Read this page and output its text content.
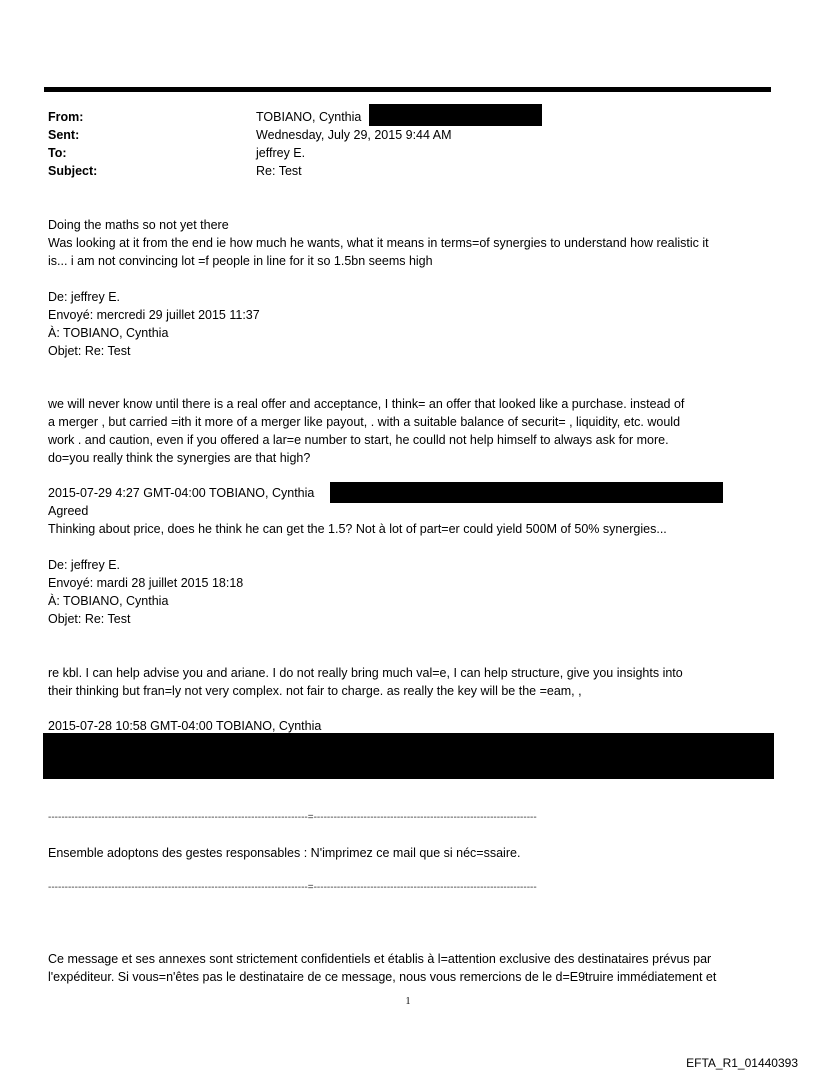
From:	TOBIANO, Cynthia
Sent:	Wednesday, July 29, 2015 9:44 AM
To:	jeffrey E.
Subject:	Re: Test

Doing the maths so not yet there

Was looking at it from the end ie how much he wants, what it means in terms=of synergies to understand how realistic it

is... i am not convincing lot =f people in line for it so 1.5bn seems high

De: jeffrey E.

Envoyé: mercredi 29 juillet 2015 11:37

À: TOBIANO, Cynthia

Objet: Re: Test

we will never know until there is a real offer and acceptance, I think= an offer that looked like a purchase. instead of

a merger , but carried =ith it more of a merger like payout, . with a suitable balance of securit= , liquidity, etc. would

work . and caution, even if you offered a lar=e number to start, he coulld not help himself to always ask for more.

do=you really think the synergies are that high?

2015-07-29 4:27 GMT-04:00 TOBIANO, Cynthia

Agreed

Thinking about price, does he think he can get the 1.5? Not à lot of part=er could yield 500M of 50% synergies...

De: jeffrey E.

Envoyé: mardi 28 juillet 2015 18:18

À: TOBIANO, Cynthia

Objet: Re: Test

re kbl. I can help advise you and ariane. I do not really bring much val=e, I can help structure, give you insights into

their thinking but fran=ly not very complex. not fair to charge. as really the key will be the =eam, ,

2015-07-28 10:58 GMT-04:00 TOBIANO, Cynthia

------------------------------------------------------------------------------=-------------------------------------------------------------------

Ensemble adoptons des gestes responsables : N'imprimez ce mail que si néc=ssaire.

------------------------------------------------------------------------------=-------------------------------------------------------------------

Ce message et ses annexes sont strictement confidentiels et établis à l=attention exclusive des destinataires prévus par

l'expéditeur. Si vous=n'êtes pas le destinataire de ce message, nous vous remercions de le d=E9truire immédiatement et

1
EFTA_R1_01440393
